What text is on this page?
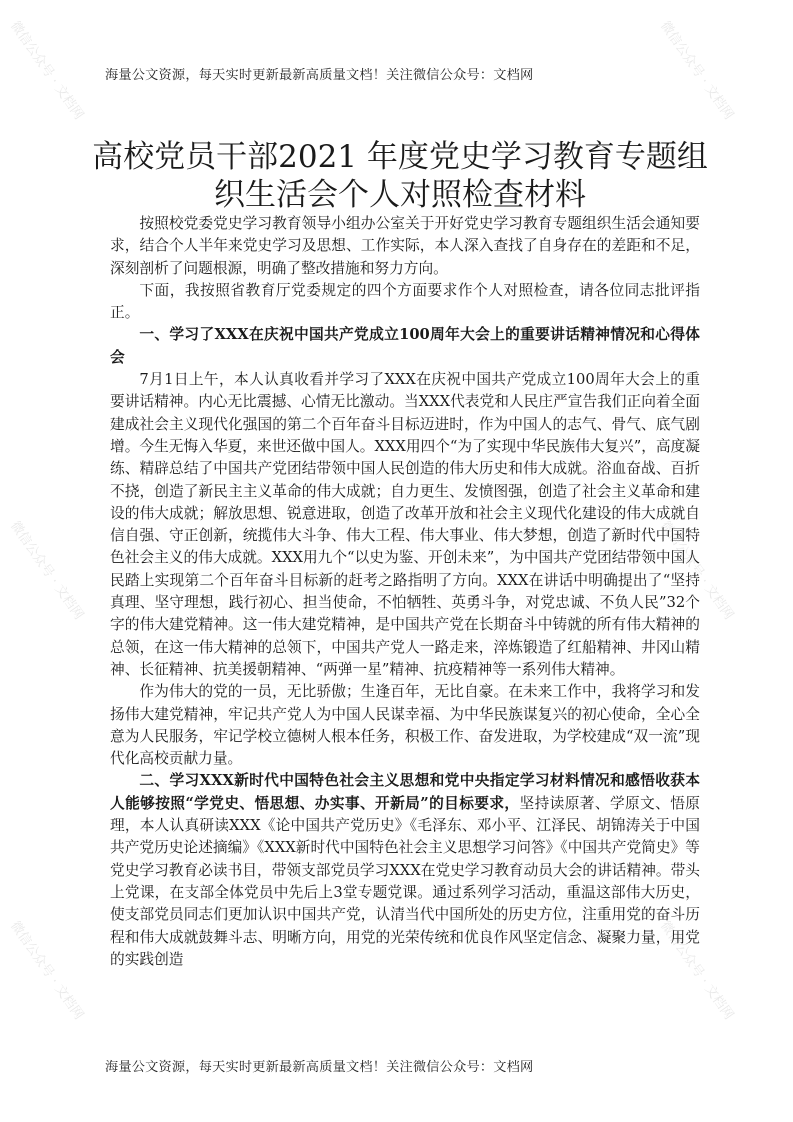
微信公众号 · 文档网	微信公众号 · 文档网
微信公众号 · 文档网	微信公众号 · 文档网
微信公众号 · 文档网	微信公众号 · 文档网
海量公文资源，每天实时更新最新高质量文档！关注微信公众号：文档网
高校党员干部2021 年度党史学习教育专题组
织生活会个人对照检查材料

按照校党委党史学习教育领导小组办公室关于开好党史学习教育专题组织生活会通知要求，结合个人半年来党史学习及思想、工作实际，本人深入查找了自身存在的差距和不足，深刻剖析了问题根源，明确了整改措施和努力方向。

下面，我按照省教育厅党委规定的四个方面要求作个人对照检查，请各位同志批评指正。

一、学习了XXX在庆祝中国共产党成立100周年大会上的重要讲话精神情况和心得体会

7月1日上午，本人认真收看并学习了XXX在庆祝中国共产党成立100周年大会上的重要讲话精神。内心无比震撼、心情无比激动。当XXX代表党和人民庄严宣告我们正向着全面建成社会主义现代化强国的第二个百年奋斗目标迈进时，作为中国人的志气、骨气、底气剧增。今生无悔入华夏，来世还做中国人。XXX用四个“为了实现中华民族伟大复兴”，高度凝练、精辟总结了中国共产党团结带领中国人民创造的伟大历史和伟大成就。浴血奋战、百折不挠，创造了新民主主义革命的伟大成就；自力更生、发愤图强，创造了社会主义革命和建设的伟大成就；解放思想、锐意进取，创造了改革开放和社会主义现代化建设的伟大成就自信自强、守正创新，统揽伟大斗争、伟大工程、伟大事业、伟大梦想，创造了新时代中国特色社会主义的伟大成就。XXX用九个“以史为鉴、开创未来”，为中国共产党团结带领中国人民踏上实现第二个百年奋斗目标新的赶考之路指明了方向。XXX在讲话中明确提出了“坚持真理、坚守理想，践行初心、担当使命，不怕牺牲、英勇斗争，对党忠诚、不负人民”32个字的伟大建党精神。这一伟大建党精神，是中国共产党在长期奋斗中铸就的所有伟大精神的总领，在这一伟大精神的总领下，中国共产党人一路走来，淬炼锻造了红船精神、井冈山精神、长征精神、抗美援朝精神、“两弹一星”精神、抗疫精神等一系列伟大精神。

作为伟大的党的一员，无比骄傲；生逢百年，无比自豪。在未来工作中，我将学习和发扬伟大建党精神，牢记共产党人为中国人民谋幸福、为中华民族谋复兴的初心使命，全心全意为人民服务，牢记学校立德树人根本任务，积极工作、奋发进取，为学校建成“双一流”现代化高校贡献力量。

二、学习XXX新时代中国特色社会主义思想和党中央指定学习材料情况和感悟收获本人能够按照“学党史、悟思想、办实事、开新局”的目标要求，坚持读原著、学原文、悟原理，本人认真研读XXX《论中国共产党历史》《毛泽东、邓小平、江泽民、胡锦涛关于中国共产党历史论述摘编》《XXX新时代中国特色社会主义思想学习问答》《中国共产党简史》等党史学习教育必读书目，带领支部党员学习XXX在党史学习教育动员大会的讲话精神。带头上党课，在支部全体党员中先后上3堂专题党课。通过系列学习活动，重温这部伟大历史，使支部党员同志们更加认识中国共产党，认清当代中国所处的历史方位，注重用党的奋斗历程和伟大成就鼓舞斗志、明晰方向，用党的光荣传统和优良作风坚定信念、凝聚力量，用党的实践创造

海量公文资源，每天实时更新最新高质量文档！关注微信公众号：文档网
